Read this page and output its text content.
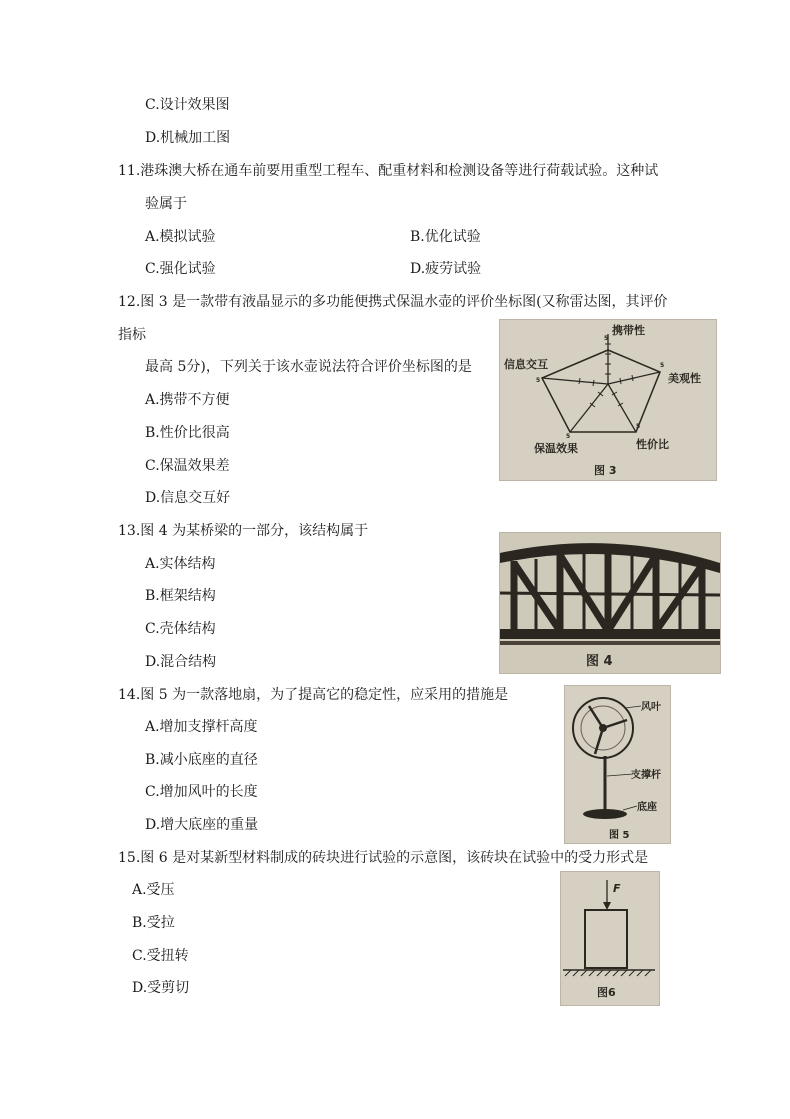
C.设计效果图
D.机械加工图
11.港珠澳大桥在通车前要用重型工程车、配重材料和检测设备等进行荷载试验。这种试
验属于
A.模拟试验	B.优化试验
C.强化试验	D.疲劳试验
12.图 3 是一款带有液晶显示的多功能便携式保温水壶的评价坐标图(又称雷达图，其评价
指标
最高 5分)，下列关于该水壶说法符合评价坐标图的是
A.携带不方便
B.性价比很高
C.保温效果差
D.信息交互好
5
5
5
5
5
携带性
美观性
性价比
保温效果
信息交互
图 3
13.图 4 为某桥梁的一部分，该结构属于
A.实体结构
B.框架结构
C.壳体结构
D.混合结构	图 4
14.图 5 为一款落地扇，为了提高它的稳定性，应采用的措施是
A.增加支撑杆高度
B.减小底座的直径
C.增加风叶的长度
D.增大底座的重量
风叶
支撑杆
底座
图 5
15.图 6 是对某新型材料制成的砖块进行试验的示意图，该砖块在试验中的受力形式是
A.受压
B.受拉
C.受扭转
D.受剪切
F
图6
